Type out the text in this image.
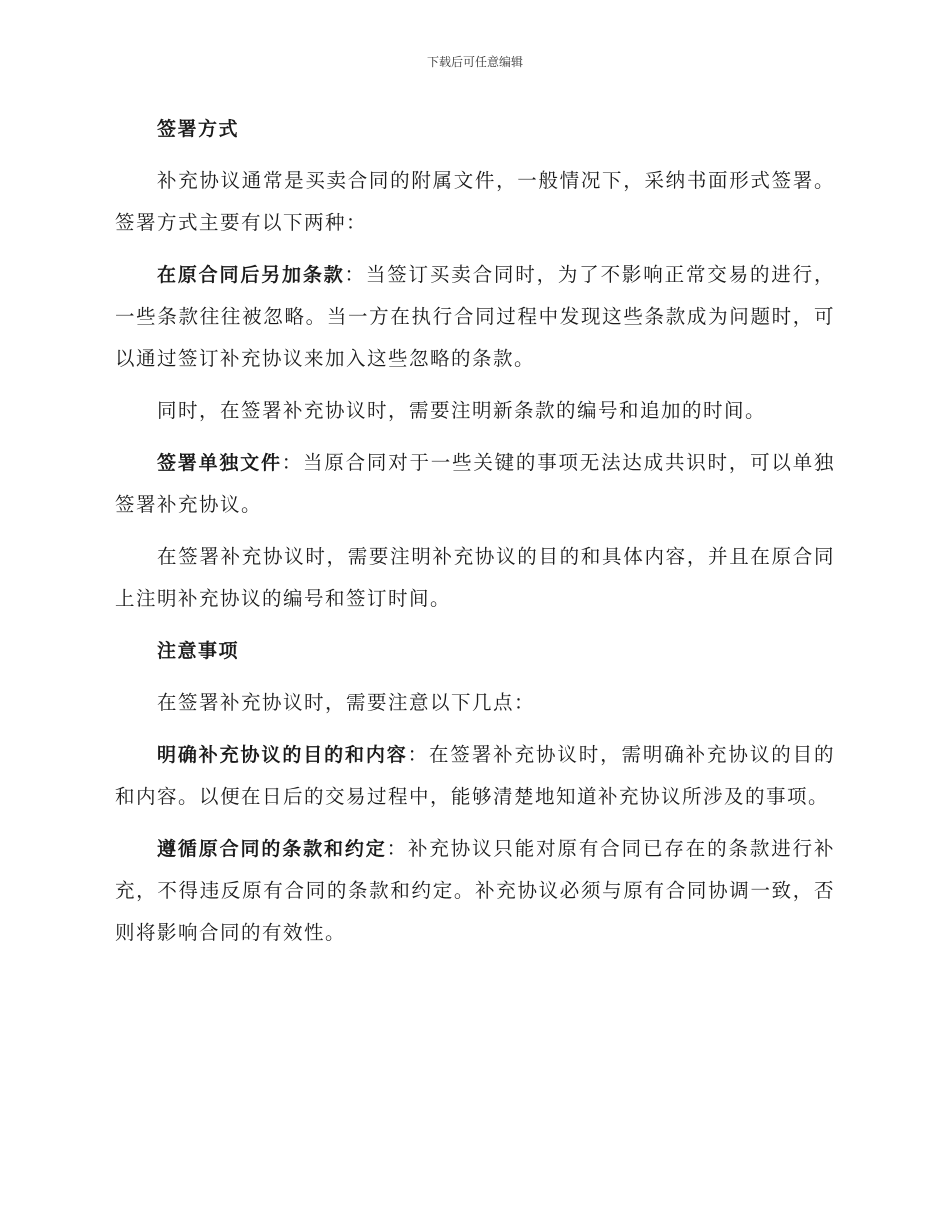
下载后可任意编辑

签署方式

补充协议通常是买卖合同的附属文件，一般情况下，采纳书面形式签署。签署方式主要有以下两种：

在原合同后另加条款：当签订买卖合同时，为了不影响正常交易的进行，一些条款往往被忽略。当一方在执行合同过程中发现这些条款成为问题时，可以通过签订补充协议来加入这些忽略的条款。

同时，在签署补充协议时，需要注明新条款的编号和追加的时间。

签署单独文件：当原合同对于一些关键的事项无法达成共识时，可以单独签署补充协议。

在签署补充协议时，需要注明补充协议的目的和具体内容，并且在原合同上注明补充协议的编号和签订时间。

注意事项

在签署补充协议时，需要注意以下几点：

明确补充协议的目的和内容：在签署补充协议时，需明确补充协议的目的和内容。以便在日后的交易过程中，能够清楚地知道补充协议所涉及的事项。

遵循原合同的条款和约定：补充协议只能对原有合同已存在的条款进行补充，不得违反原有合同的条款和约定。补充协议必须与原有合同协调一致，否则将影响合同的有效性。
